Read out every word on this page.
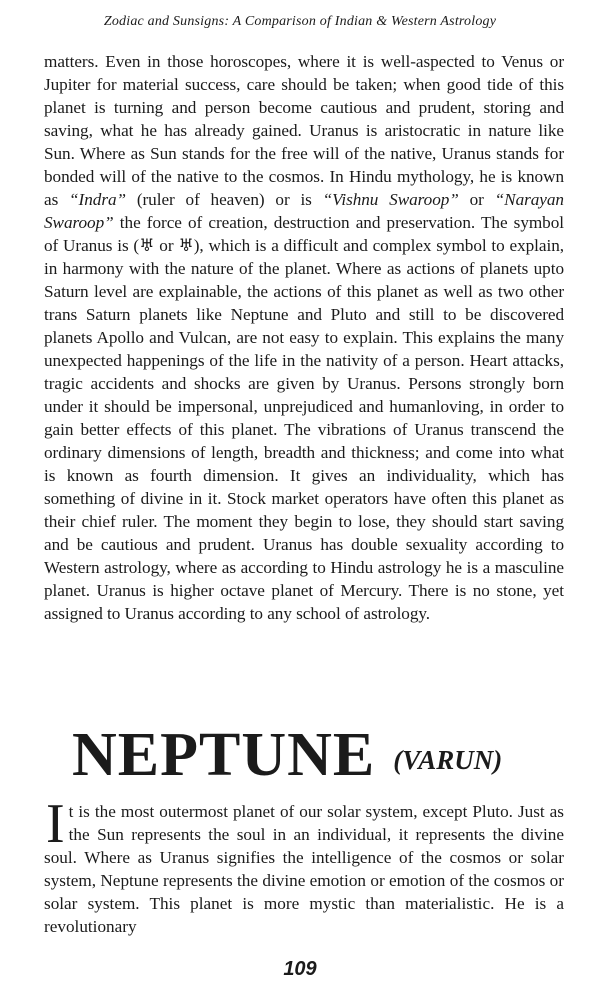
Zodiac and Sunsigns: A Comparison of Indian & Western Astrology

matters. Even in those horoscopes, where it is well-aspected to Venus or Jupiter for material success, care should be taken; when good tide of this planet is turning and person become cautious and prudent, storing and saving, what he has already gained. Uranus is aristocratic in nature like Sun. Where as Sun stands for the free will of the native, Uranus stands for bonded will of the native to the cosmos. In Hindu mythology, he is known as “Indra” (ruler of heaven) or is “Vishnu Swaroop” or “Narayan Swaroop” the force of creation, destruction and preservation. The symbol of Uranus is (♅ or ♅), which is a difficult and complex symbol to explain, in harmony with the nature of the planet. Where as actions of planets upto Saturn level are explainable, the actions of this planet as well as two other trans Saturn planets like Neptune and Pluto and still to be discovered planets Apollo and Vulcan, are not easy to explain. This explains the many unexpected happenings of the life in the nativity of a person. Heart attacks, tragic accidents and shocks are given by Uranus. Persons strongly born under it should be impersonal, unprejudiced and humanloving, in order to gain better effects of this planet. The vibrations of Uranus transcend the ordinary dimensions of length, breadth and thickness; and come into what is known as fourth dimension. It gives an individuality, which has something of divine in it. Stock market operators have often this planet as their chief ruler. The moment they begin to lose, they should start saving and be cautious and prudent. Uranus has double sexuality according to Western astrology, where as according to Hindu astrology he is a masculine planet. Uranus is higher octave planet of Mercury. There is no stone, yet assigned to Uranus according to any school of astrology.

NEPTUNE (VARUN)

It is the most outermost planet of our solar system, except Pluto. Just as the Sun represents the soul in an individual, it represents the divine soul. Where as Uranus signifies the intelligence of the cosmos or solar system, Neptune represents the divine emotion or emotion of the cosmos or solar system. This planet is more mystic than materialistic. He is a revolutionary

109
